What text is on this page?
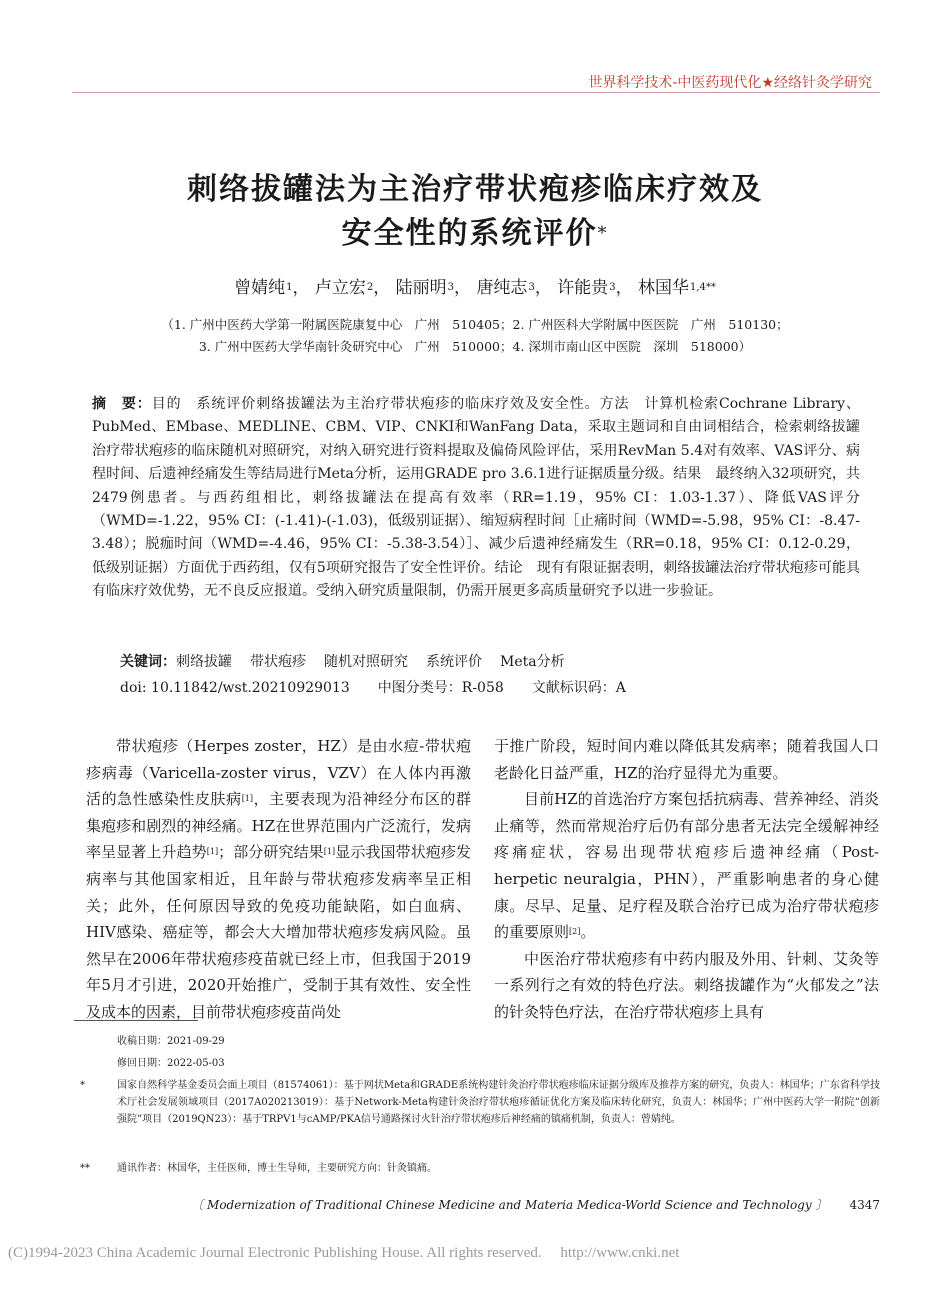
世界科学技术-中医药现代化★经络针灸学研究
刺络拔罐法为主治疗带状疱疹临床疗效及
安全性的系统评价*
曾婧纯$^1$， 卢立宏$^2$， 陆丽明$^3$， 唐纯志$^3$， 许能贵$^3$， 林国华$^{1,4**}$
（1. 广州中医药大学第一附属医院康复中心　广州　510405；2. 广州医科大学附属中医医院　广州　510130；
3. 广州中医药大学华南针灸研究中心　广州　510000；4. 深圳市南山区中医院　深圳　518000）
摘　要：目的　系统评价刺络拔罐法为主治疗带状疱疹的临床疗效及安全性。方法　计算机检索Cochrane Library、PubMed、EMbase、MEDLINE、CBM、VIP、CNKI和WanFang Data，采取主题词和自由词相结合，检索刺络拔罐治疗带状疱疹的临床随机对照研究，对纳入研究进行资料提取及偏倚风险评估，采用RevMan 5.4对有效率、VAS评分、病程时间、后遗神经痛发生等结局进行Meta分析，运用GRADE pro 3.6.1进行证据质量分级。结果　最终纳入32项研究，共2479例患者。与西药组相比，刺络拔罐法在提高有效率（RR=1.19，95% CI：1.03-1.37）、降低VAS评分（WMD=-1.22，95% CI：(-1.41)-(-1.03)，低级别证据）、缩短病程时间［止痛时间（WMD=-5.98，95% CI：-8.47-3.48）；脱痂时间（WMD=-4.46，95% CI：-5.38-3.54）］、减少后遗神经痛发生（RR=0.18，95% CI：0.12-0.29，低级别证据）方面优于西药组，仅有5项研究报告了安全性评价。结论　现有有限证据表明，刺络拔罐法治疗带状疱疹可能具有临床疗效优势，无不良反应报道。受纳入研究质量限制，仍需开展更多高质量研究予以进一步验证。
关键词：刺络拔罐 带状疱疹 随机对照研究 系统评价 Meta分析
doi: 10.11842/wst.20210929013 中图分类号：R-058 文献标识码：A

带状疱疹（Herpes zoster，HZ）是由水痘-带状疱疹病毒（Varicella-zoster virus，VZV）在人体内再激活的急性感染性皮肤病[1]，主要表现为沿神经分布区的群集疱疹和剧烈的神经痛。HZ在世界范围内广泛流行，发病率呈显著上升趋势[1]；部分研究结果[1]显示我国带状疱疹发病率与其他国家相近，且年龄与带状疱疹发病率呈正相关；此外，任何原因导致的免疫功能缺陷，如白血病、HIV感染、癌症等，都会大大增加带状疱疹发病风险。虽然早在2006年带状疱疹疫苗就已经上市，但我国于2019年5月才引进，2020开始推广，受制于其有效性、安全性及成本的因素，目前带状疱疹疫苗尚处

于推广阶段，短时间内难以降低其发病率；随着我国人口老龄化日益严重，HZ的治疗显得尤为重要。

目前HZ的首选治疗方案包括抗病毒、营养神经、消炎止痛等，然而常规治疗后仍有部分患者无法完全缓解神经疼痛症状，容易出现带状疱疹后遗神经痛（Post-herpetic neuralgia，PHN），严重影响患者的身心健康。尽早、足量、足疗程及联合治疗已成为治疗带状疱疹的重要原则[2]。

中医治疗带状疱疹有中药内服及外用、针刺、艾灸等一系列行之有效的特色疗法。刺络拔罐作为“火郁发之”法的针灸特色疗法，在治疗带状疱疹上具有

收稿日期：2021-09-29
修回日期：2022-05-03
*	国家自然科学基金委员会面上项目（81574061）：基于网状Meta和GRADE系统构建针灸治疗带状疱疹临床证据分级库及推荐方案的研究，负责人：林国华；广东省科学技术厅社会发展领域项目（2017A020213019）：基于Network-Meta构建针灸治疗带状疱疹循证优化方案及临床转化研究，负责人：林国华；广州中医药大学一附院“创新强院”项目（2019QN23）：基于TRPV1与cAMP/PKA信号通路探讨火针治疗带状疱疹后神经痛的镇痛机制，负责人：曾婧纯。
**	通讯作者：林国华，主任医师，博士生导师，主要研究方向：针灸镇痛。
〔 Modernization of Traditional Chinese Medicine and Materia Medica-World Science and Technology 〕 4347
(C)1994-2023 China Academic Journal Electronic Publishing House. All rights reserved.　 http://www.cnki.net
